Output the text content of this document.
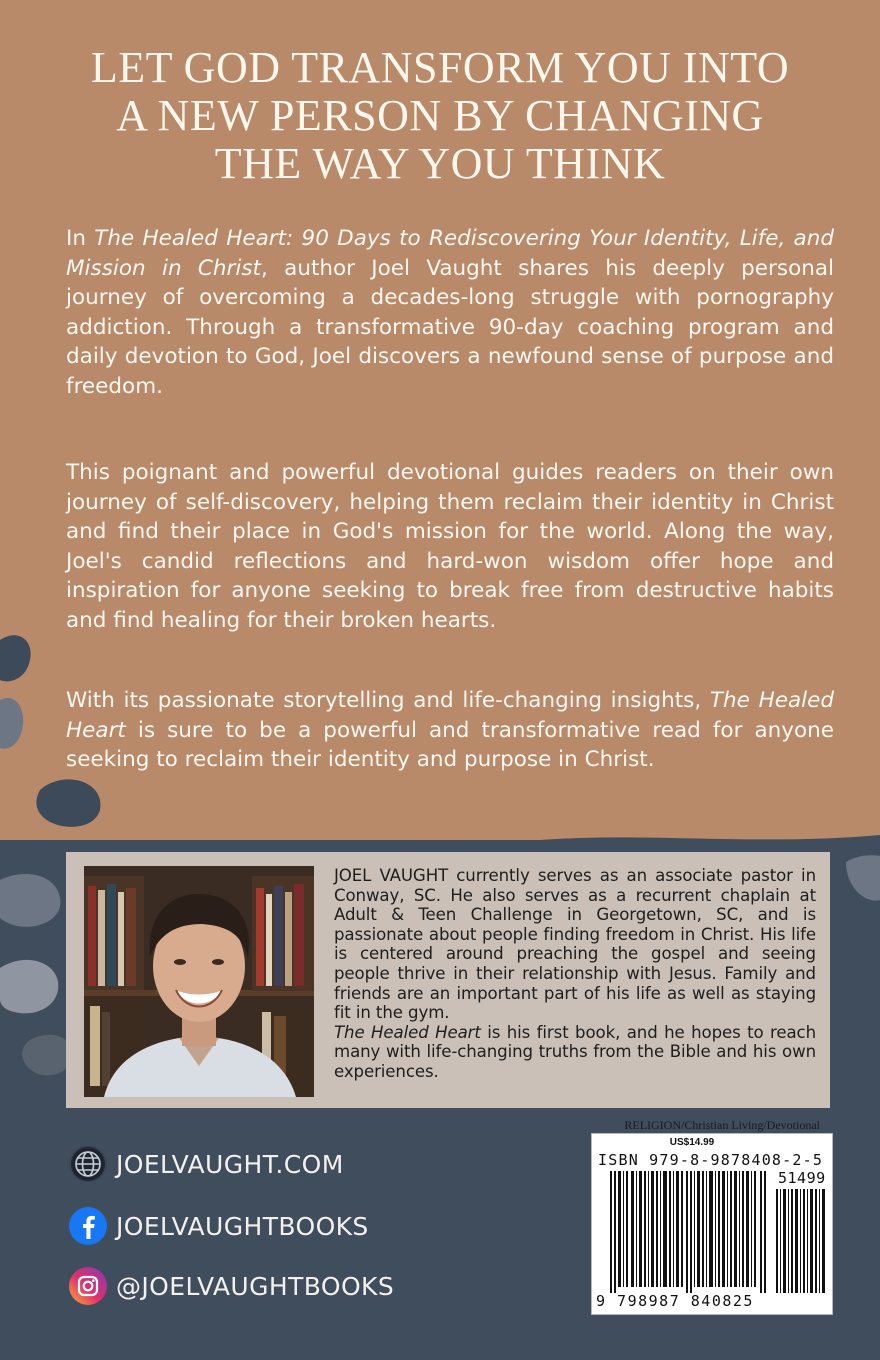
LET GOD TRANSFORM YOU INTO
A NEW PERSON BY CHANGING
THE WAY YOU THINK
In The Healed Heart: 90 Days to Rediscovering Your Identity, Life, and Mission in Christ, author Joel Vaught shares his deeply personal journey of overcoming a decades-long struggle with pornography addiction. Through a transformative 90-day coaching program and daily devotion to God, Joel discovers a newfound sense of purpose and freedom.
This poignant and powerful devotional guides readers on their own journey of self-discovery, helping them reclaim their identity in Christ and find their place in God's mission for the world. Along the way, Joel's candid reflections and hard-won wisdom offer hope and inspiration for anyone seeking to break free from destructive habits and find healing for their broken hearts.
With its passionate storytelling and life-changing insights, The Healed Heart is sure to be a powerful and transformative read for anyone seeking to reclaim their identity and purpose in Christ.
JOEL VAUGHT currently serves as an associate pastor in Conway, SC. He also serves as a recurrent chaplain at Adult & Teen Challenge in Georgetown, SC, and is passionate about people finding freedom in Christ. His life is centered around preaching the gospel and seeing people thrive in their relationship with Jesus. Family and friends are an important part of his life as well as staying fit in the gym.
The Healed Heart is his first book, and he hopes to reach many with life-changing truths from the Bible and his own experiences.
JOELVAUGHT.COM
JOELVAUGHTBOOKS
@JOELVAUGHTBOOKS
RELIGION/Christian Living/Devotional
US$14.99
ISBN 979-8-9878408-2-5
51499
9 798987 840825
